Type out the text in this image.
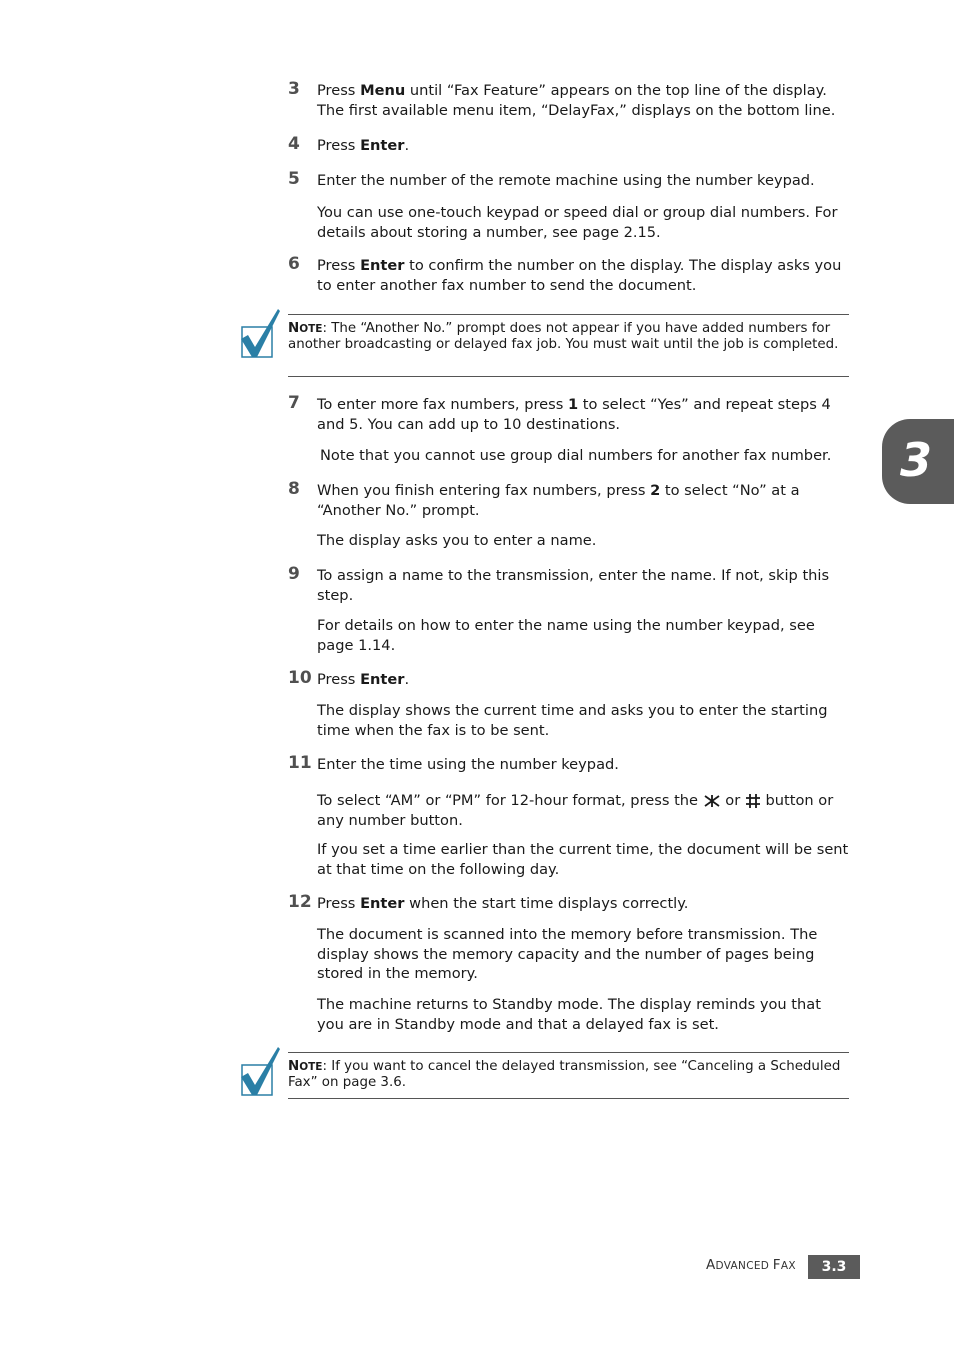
3 Press Menu until “Fax Feature” appears on the top line of the display. The first available menu item, “DelayFax,” displays on the bottom line.
4 Press Enter.
5 Enter the number of the remote machine using the number keypad.
You can use one-touch keypad or speed dial or group dial numbers. For details about storing a number, see page 2.15.
6 Press Enter to confirm the number on the display. The display asks you to enter another fax number to send the document.
NOTE: The “Another No.” prompt does not appear if you have added numbers for another broadcasting or delayed fax job. You must wait until the job is completed.
7 To enter more fax numbers, press 1 to select “Yes” and repeat steps 4 and 5. You can add up to 10 destinations.
Note that you cannot use group dial numbers for another fax number.
8 When you finish entering fax numbers, press 2 to select “No” at a “Another No.” prompt.
The display asks you to enter a name.
9 To assign a name to the transmission, enter the name. If not, skip this step.
For details on how to enter the name using the number keypad, see page 1.14.
10 Press Enter.
The display shows the current time and asks you to enter the starting time when the fax is to be sent.
11 Enter the time using the number keypad.
To select “AM” or “PM” for 12-hour format, press the  or  button or any number button.
If you set a time earlier than the current time, the document will be sent at that time on the following day.
12 Press Enter when the start time displays correctly.
The document is scanned into the memory before transmission. The display shows the memory capacity and the number of pages being stored in the memory.
The machine returns to Standby mode. The display reminds you that you are in Standby mode and that a delayed fax is set.
NOTE: If you want to cancel the delayed transmission, see “Canceling a Scheduled Fax” on page 3.6.
3
ADVANCED FAX	3.3
